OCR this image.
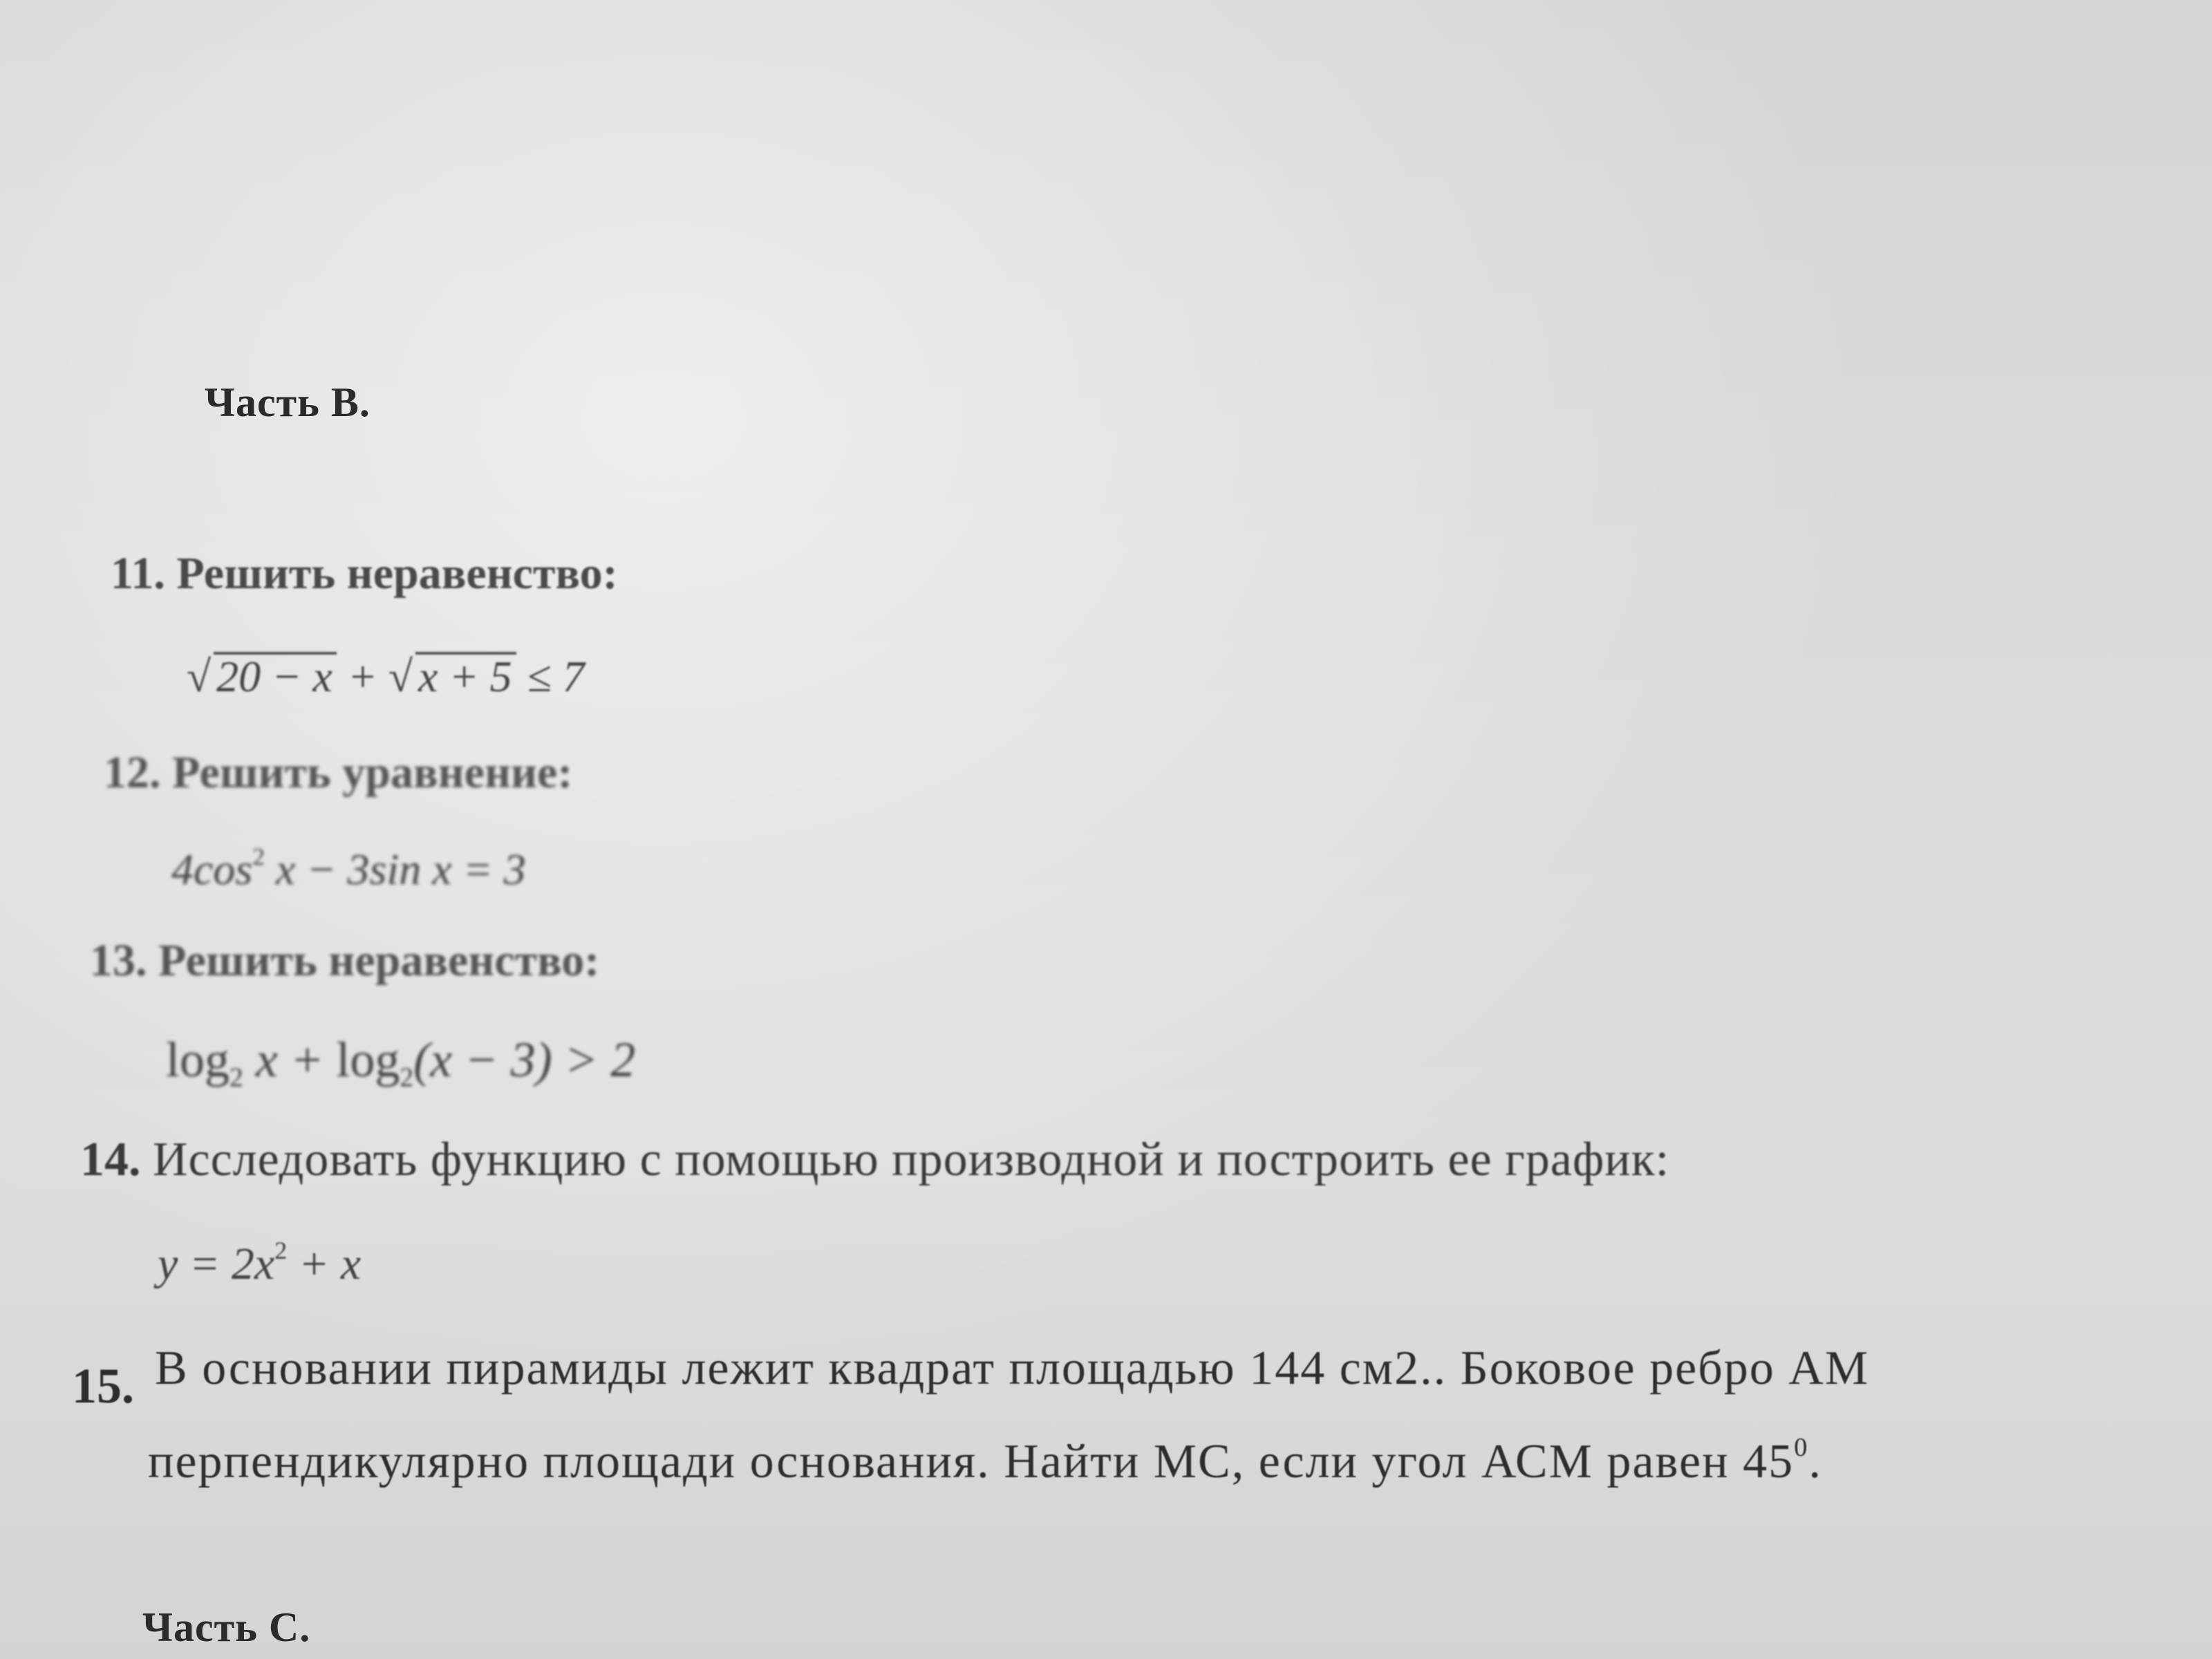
Часть В.
11. Решить неравенство:
√ 20 − x + √ x + 5 ≤ 7
12. Решить уравнение:
$4\cos^2$ x − 3sin x = 3
13. Решить неравенство:
$\log_2 x + \log_2(x - 3) > 2$
14. Исследовать функцию с помощью производной и построить ее график:
$y = 2x^2 + x$
15. В основании пирамиды лежит квадрат площадью 144 см2.. Боковое ребро АМ
перпендикулярно площади основания. Найти МС, если угол АСМ равен $45^0$.
Часть С.
